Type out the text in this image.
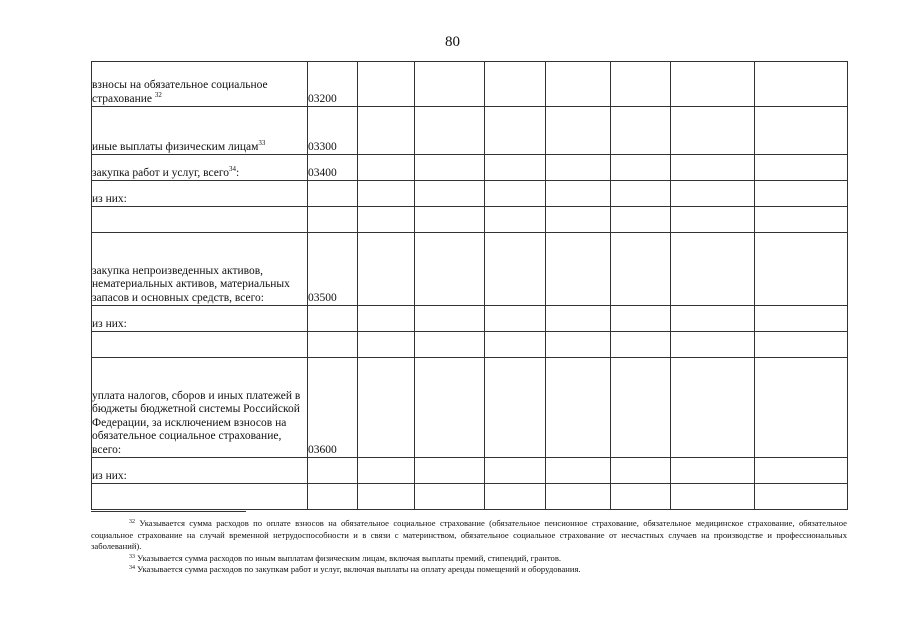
80
взносы на обязательное социальное страхование $^{32}$	03200							
иные выплаты физическим лицам$^{33}$	03300							
закупка работ и услуг, всего$^{34}$:	03400							
из них:								

закупка непроизведенных активов, нематериальных активов, материальных запасов и основных средств, всего:	03500							
из них:								

уплата налогов, сборов и иных платежей в бюджеты бюджетной системы Российской Федерации, за исключением взносов на обязательное социальное страхование, всего:	03600							
из них:								

$^{32}$ Указывается сумма расходов по оплате взносов на обязательное социальное страхование (обязательное пенсионное страхование, обязательное медицинское страхование, обязательное социальное страхование на случай временной нетрудоспособности и в связи с материнством, обязательное социальное страхование от несчастных случаев на производстве и профессиональных заболеваний).

$^{33}$ Указывается сумма расходов по иным выплатам физическим лицам, включая выплаты премий, стипендий, грантов.

$^{34}$ Указывается сумма расходов по закупкам работ и услуг, включая выплаты на оплату аренды помещений и оборудования.
